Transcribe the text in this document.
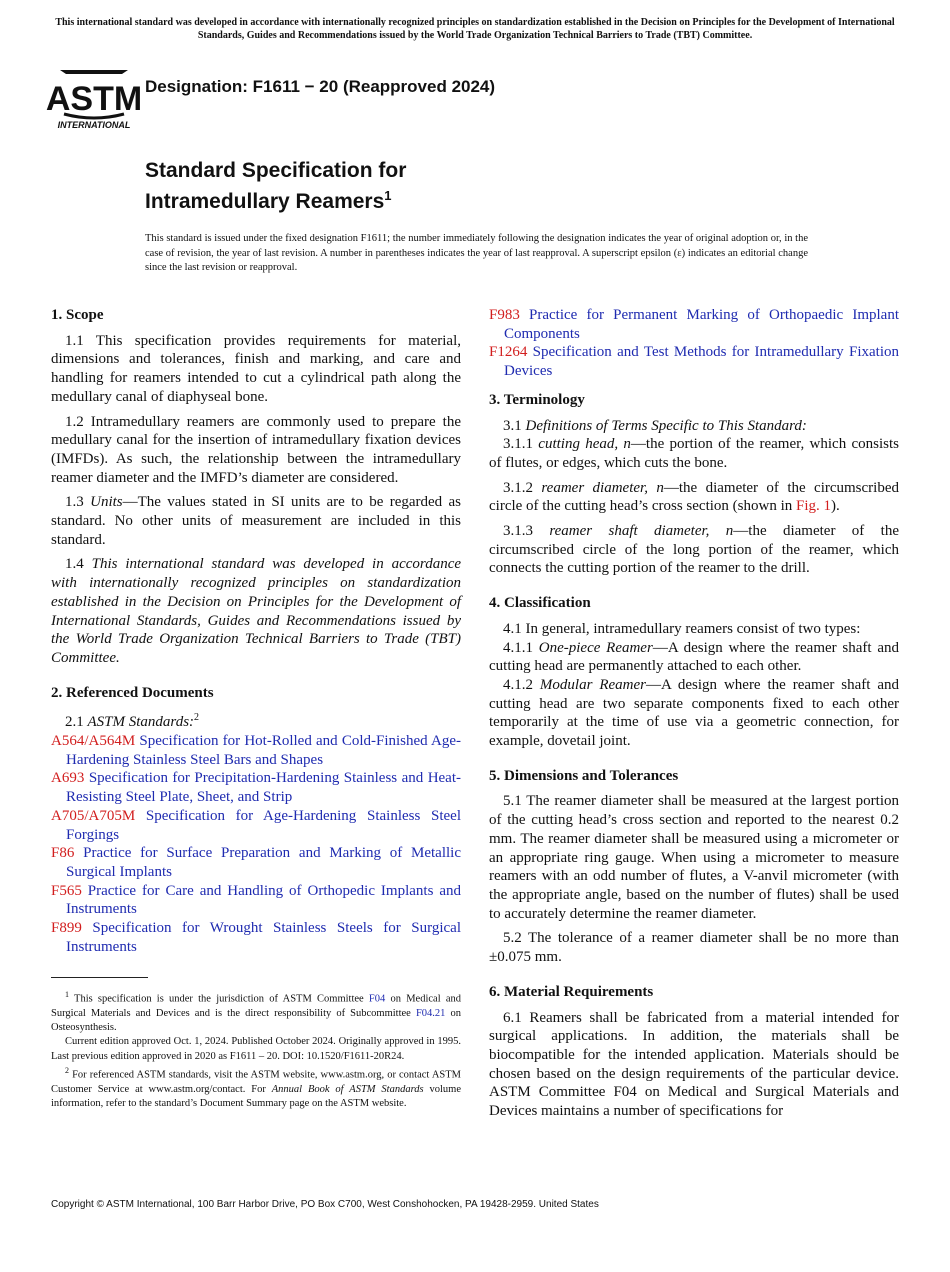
This international standard was developed in accordance with internationally recognized principles on standardization established in the Decision on Principles for the Development of International Standards, Guides and Recommendations issued by the World Trade Organization Technical Barriers to Trade (TBT) Committee.
ASTM
INTERNATIONAL
Designation: F1611 − 20 (Reapproved 2024)
Standard Specification for
Intramedullary Reamers$^1$
This standard is issued under the fixed designation F1611; the number immediately following the designation indicates the year of original adoption or, in the case of revision, the year of last revision. A number in parentheses indicates the year of last reapproval. A superscript epsilon (ε) indicates an editorial change since the last revision or reapproval.
1. Scope

1.1 This specification provides requirements for material, dimensions and tolerances, finish and marking, and care and handling for reamers intended to cut a cylindrical path along the medullary canal of diaphyseal bone.

1.2 Intramedullary reamers are commonly used to prepare the medullary canal for the insertion of intramedullary fixation devices (IMFDs). As such, the relationship between the intramedullary reamer diameter and the IMFD’s diameter are considered.

1.3 Units—The values stated in SI units are to be regarded as standard. No other units of measurement are included in this standard.

1.4 This international standard was developed in accordance with internationally recognized principles on standardization established in the Decision on Principles for the Development of International Standards, Guides and Recommendations issued by the World Trade Organization Technical Barriers to Trade (TBT) Committee.

2. Referenced Documents

2.1 ASTM Standards:$^2$

A564/A564M Specification for Hot-Rolled and Cold-Finished Age-Hardening Stainless Steel Bars and Shapes

A693 Specification for Precipitation-Hardening Stainless and Heat-Resisting Steel Plate, Sheet, and Strip

A705/A705M Specification for Age-Hardening Stainless Steel Forgings

F86 Practice for Surface Preparation and Marking of Metallic Surgical Implants

F565 Practice for Care and Handling of Orthopedic Implants and Instruments

F899 Specification for Wrought Stainless Steels for Surgical Instruments

$^1$ This specification is under the jurisdiction of ASTM Committee F04 on Medical and Surgical Materials and Devices and is the direct responsibility of Subcommittee F04.21 on Osteosynthesis.

Current edition approved Oct. 1, 2024. Published October 2024. Originally approved in 1995. Last previous edition approved in 2020 as F1611 – 20. DOI: 10.1520/F1611-20R24.

$^2$ For referenced ASTM standards, visit the ASTM website, www.astm.org, or contact ASTM Customer Service at www.astm.org/contact. For Annual Book of ASTM Standards volume information, refer to the standard’s Document Summary page on the ASTM website.

F983 Practice for Permanent Marking of Orthopaedic Implant Components

F1264 Specification and Test Methods for Intramedullary Fixation Devices

3. Terminology

3.1 Definitions of Terms Specific to This Standard:

3.1.1 cutting head, n—the portion of the reamer, which consists of flutes, or edges, which cuts the bone.

3.1.2 reamer diameter, n—the diameter of the circumscribed circle of the cutting head’s cross section (shown in Fig. 1).

3.1.3 reamer shaft diameter, n—the diameter of the circumscribed circle of the long portion of the reamer, which connects the cutting portion of the reamer to the drill.

4. Classification

4.1 In general, intramedullary reamers consist of two types:

4.1.1 One-piece Reamer—A design where the reamer shaft and cutting head are permanently attached to each other.

4.1.2 Modular Reamer—A design where the reamer shaft and cutting head are two separate components fixed to each other temporarily at the time of use via a geometric connection, for example, dovetail joint.

5. Dimensions and Tolerances

5.1 The reamer diameter shall be measured at the largest portion of the cutting head’s cross section and reported to the nearest 0.2 mm. The reamer diameter shall be measured using a micrometer or an appropriate ring gauge. When using a micrometer to measure reamers with an odd number of flutes, a V-anvil micrometer (with the appropriate angle, based on the number of flutes) shall be used to accurately determine the reamer diameter.

5.2 The tolerance of a reamer diameter shall be no more than ±0.075 mm.

6. Material Requirements

6.1 Reamers shall be fabricated from a material intended for surgical applications. In addition, the materials shall be biocompatible for the intended application. Materials should be chosen based on the design requirements of the particular device. ASTM Committee F04 on Medical and Surgical Materials and Devices maintains a number of specifications for

Copyright © ASTM International, 100 Barr Harbor Drive, PO Box C700, West Conshohocken, PA 19428-2959. United States
